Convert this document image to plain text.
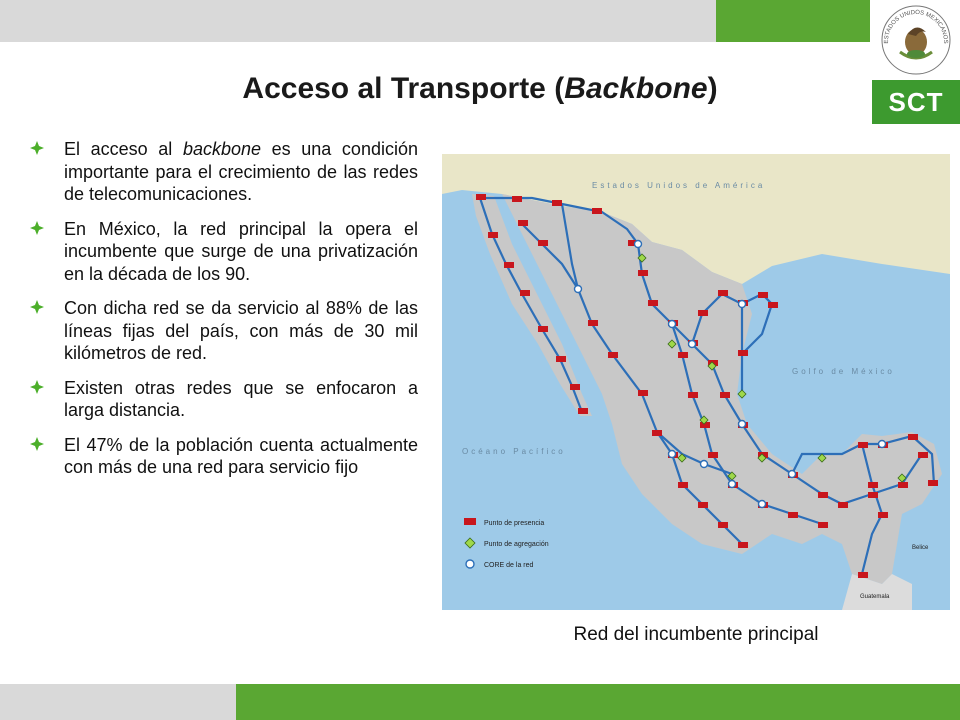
ESTADOS UNIDOS MEXICANOS
SCT
Acceso al Transporte (Backbone)
El acceso al backbone es una condición importante para el crecimiento de las redes de telecomunicaciones.
En México, la red principal la opera el incumbente que surge de una privatización en la década de los 90.
Con dicha red se da servicio al 88% de las líneas fijas del país, con más de 30 mil kilómetros de red.
Existen otras redes que se enfocaron a larga distancia.
El 47% de la población cuenta actualmente con más de una red para servicio fijo
Estados Unidos de América
Guatemala
Belice
Golfo de México
Océano Pacífico
Punto de presencia
Punto de agregación
CORE de la red
Red del incumbente principal
